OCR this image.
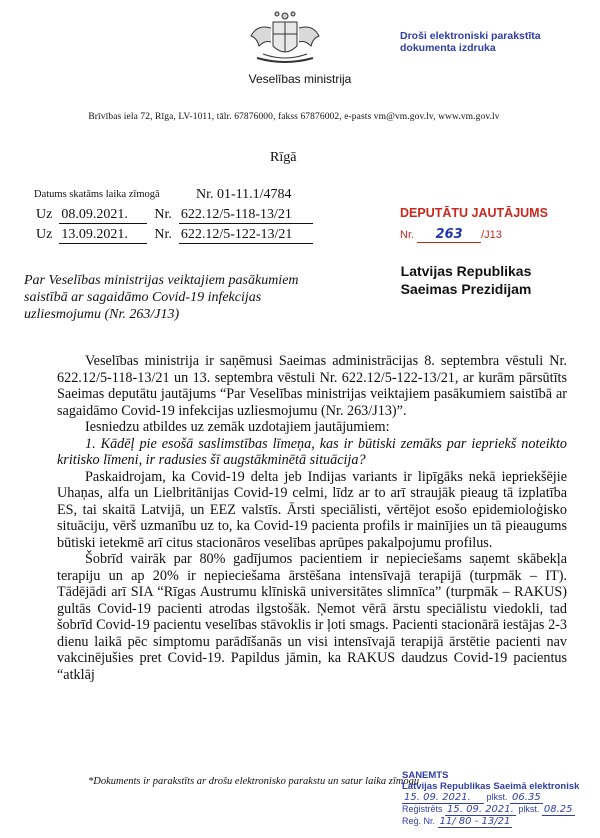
Veselības ministrija
Brīvības iela 72, Rīga, LV-1011, tālr. 67876000, fakss 67876002, e-pasts vm@vm.gov.lv, www.vm.gov.lv
Droši elektroniski parakstīta
dokumenta izdruka
Rīgā
Datums skatāms laika zīmogā	Nr. 01-11.1/4784
Uz 08.09.2021. Nr. 622.12/5-118-13/21
Uz 13.09.2021. Nr. 622.12/5-122-13/21
DEPUTĀTU JAUTĀJUMS
Nr. 263 /J13
Latvijas Republikas
Saeimas Prezidijam
Par Veselības ministrijas veiktajiem pasākumiem saistībā ar sagaidāmo Covid-19 infekcijas uzliesmojumu (Nr. 263/J13)

Veselības ministrija ir saņēmusi Saeimas administrācijas 8. septembra vēstuli Nr. 622.12/5-118-13/21 un 13. septembra vēstuli Nr. 622.12/5-122-13/21, ar kurām pārsūtīts Saeimas deputātu jautājums “Par Veselības ministrijas veiktajiem pasākumiem saistībā ar sagaidāmo Covid-19 infekcijas uzliesmojumu (Nr. 263/J13)”.

Iesniedzu atbildes uz zemāk uzdotajiem jautājumiem:

1. Kādēļ pie esošā saslimstības līmeņa, kas ir būtiski zemāks par iepriekš noteikto kritisko līmeni, ir radusies šī augstākminētā situācija?

Paskaidrojam, ka Covid-19 delta jeb Indijas variants ir lipīgāks nekā iepriekšējie Uhaņas, alfa un Lielbritānijas Covid-19 celmi, līdz ar to arī straujāk pieaug tā izplatība ES, tai skaitā Latvijā, un EEZ valstīs. Ārsti speciālisti, vērtējot esošo epidemioloģisko situāciju, vērš uzmanību uz to, ka Covid-19 pacienta profils ir mainījies un tā pieaugums būtiski ietekmē arī citus stacionāros veselības aprūpes pakalpojumu profilus.

Šobrīd vairāk par 80% gadījumos pacientiem ir nepieciešams saņemt skābekļa terapiju un ap 20% ir nepieciešama ārstēšana intensīvajā terapijā (turpmāk – IT). Tādējādi arī SIA “Rīgas Austrumu klīniskā universitātes slimnīca” (turpmāk – RAKUS) gultās Covid-19 pacienti atrodas ilgstošāk. Ņemot vērā ārstu speciālistu viedokli, tad šobrīd Covid-19 pacientu veselības stāvoklis ir ļoti smags. Pacienti stacionārā iestājas 2-3 dienu laikā pēc simptomu parādīšanās un visi intensīvajā terapijā ārstētie pacienti nav vakcinējušies pret Covid-19. Papildus jāmin, ka RAKUS daudzus Covid-19 pacientus “atklāj

*Dokuments ir parakstīts ar drošu elektronisko parakstu un satur laika zīmogu
SANEMTS
Latvijas Republikas Saeimā elektronisk
15. 09. 2021. plkst. 06.35
Reģistrēts 15. 09. 2021. plkst. 08.25
Reģ. Nr. 11/ 80 - 13/21
